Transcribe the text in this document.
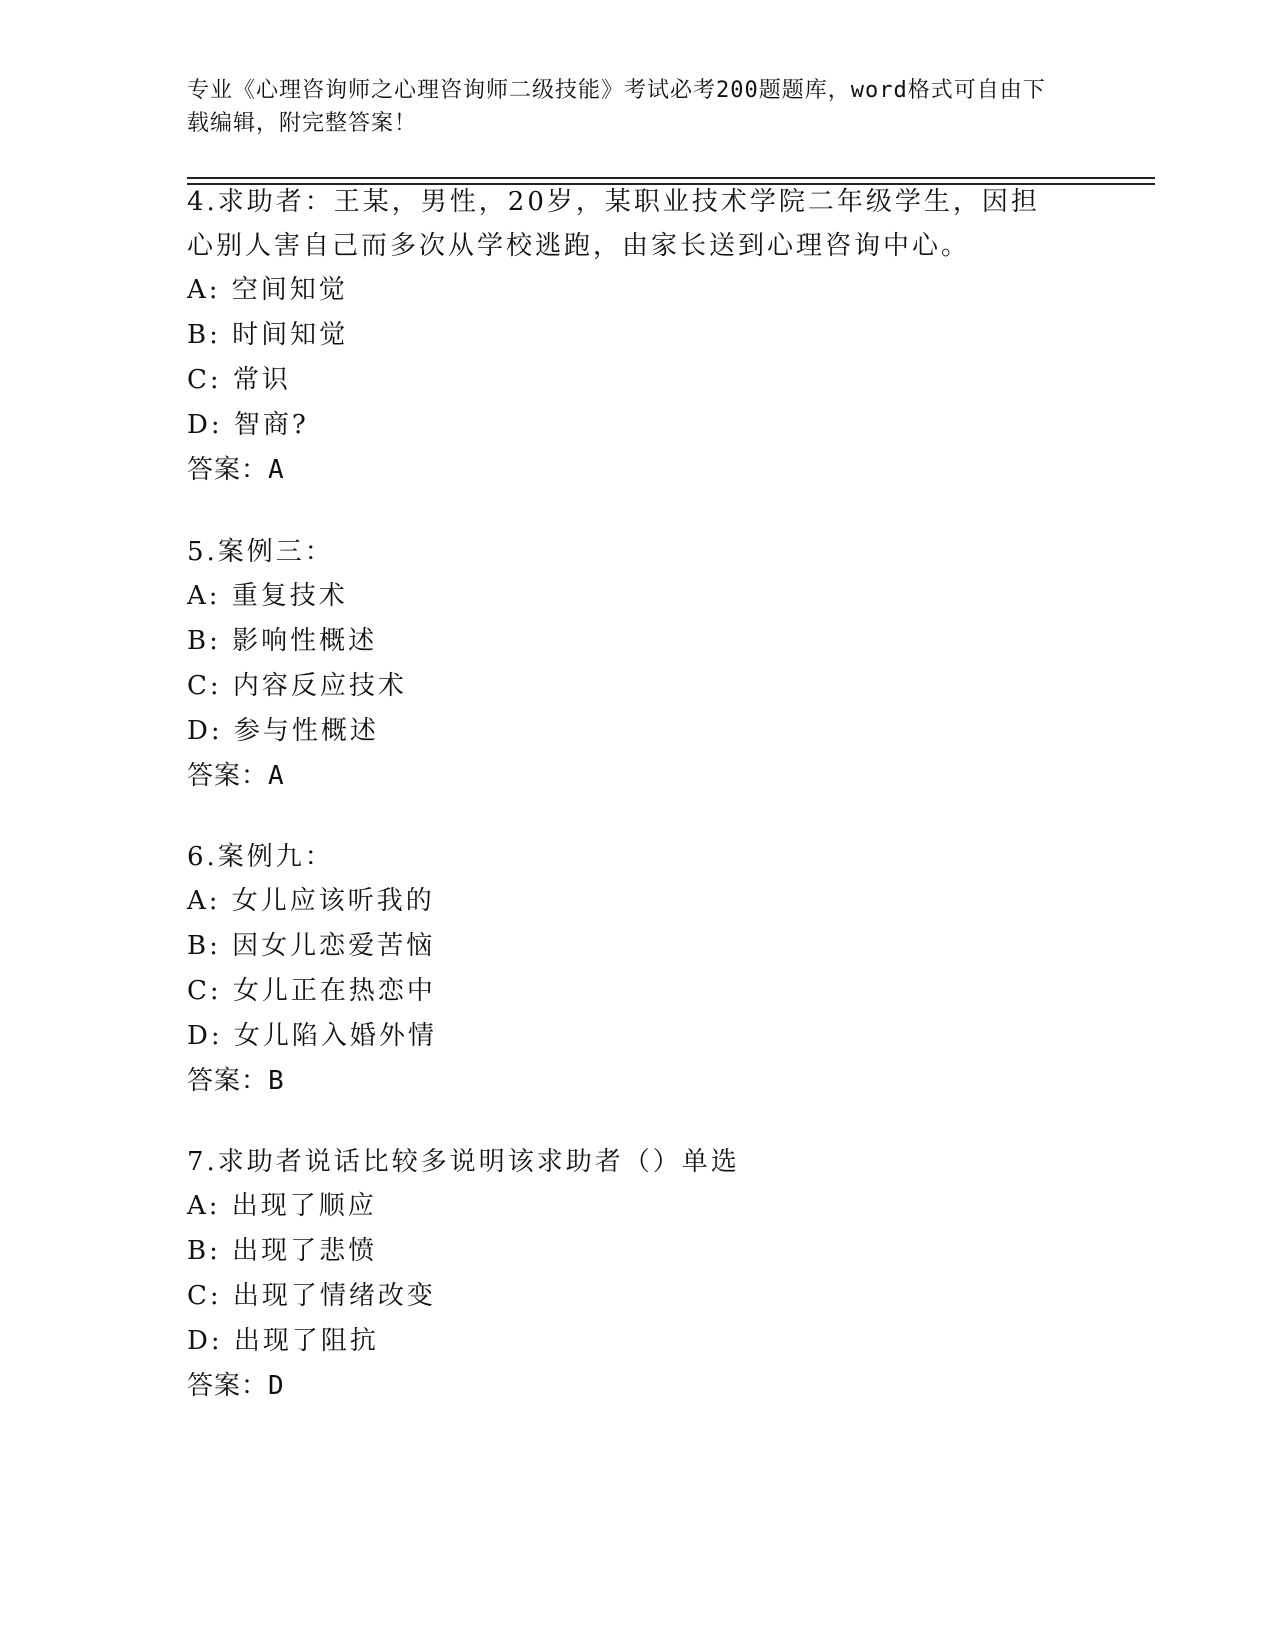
专业《心理咨询师之心理咨询师二级技能》考试必考200题题库，word格式可自由下载编辑，附完整答案！
4.求助者：王某，男性，20岁，某职业技术学院二年级学生，因担心别人害自己而多次从学校逃跑，由家长送到心理咨询中心。
A: 空间知觉
B: 时间知觉
C: 常识
D: 智商?
答案：A
5.案例三：
A: 重复技术
B: 影响性概述
C: 内容反应技术
D: 参与性概述
答案：A
6.案例九：
A: 女儿应该听我的
B: 因女儿恋爱苦恼
C: 女儿正在热恋中
D: 女儿陷入婚外情
答案：B
7.求助者说话比较多说明该求助者（）单选
A: 出现了顺应
B: 出现了悲愤
C: 出现了情绪改变
D: 出现了阻抗
答案：D
